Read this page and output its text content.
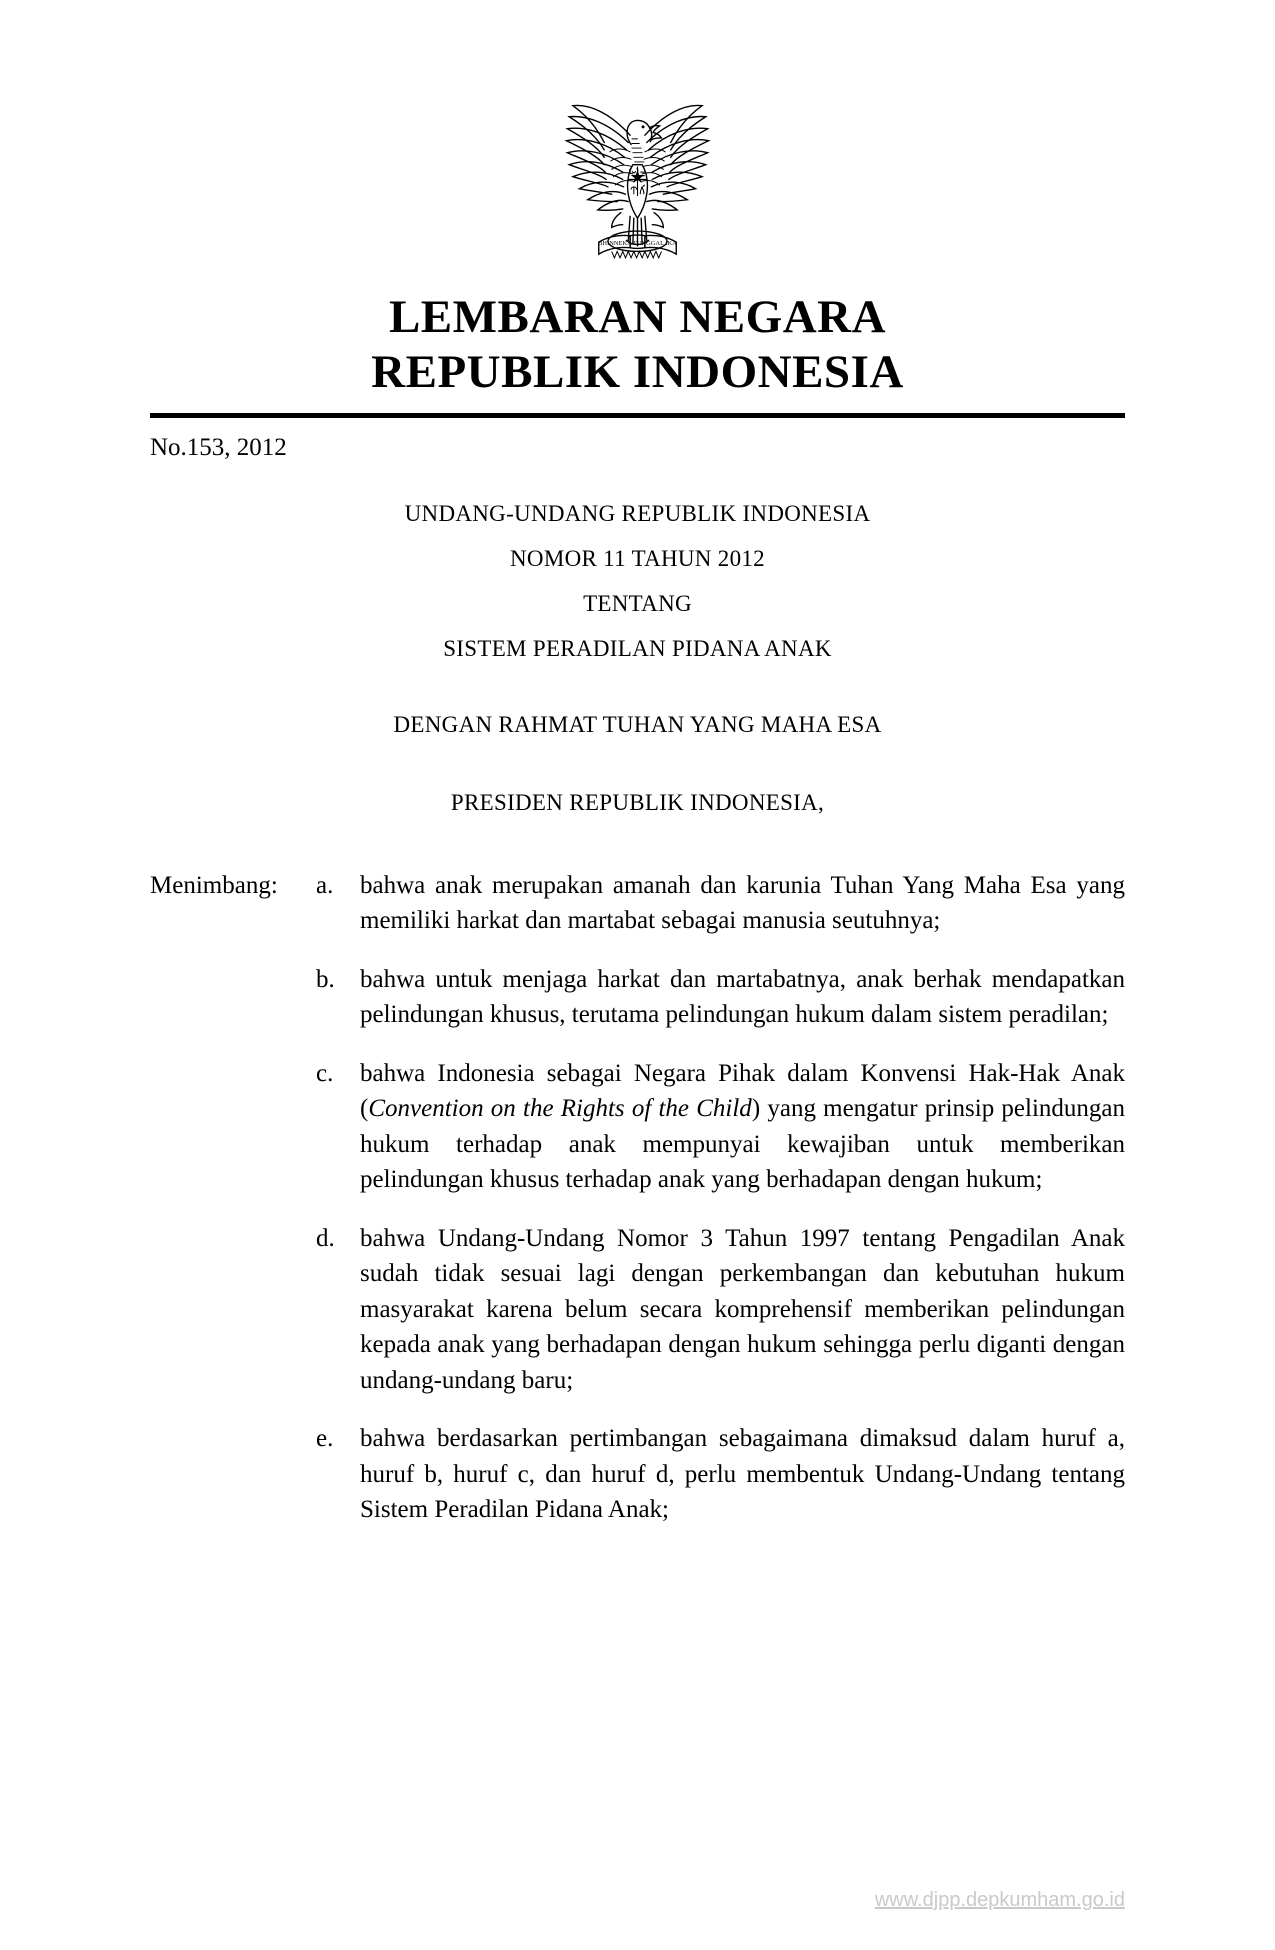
BHINNEKA TUNGGAL IKA
LEMBARAN NEGARA
REPUBLIK INDONESIA
No.153, 2012
UNDANG-UNDANG REPUBLIK INDONESIA
NOMOR 11 TAHUN 2012
TENTANG
SISTEM PERADILAN PIDANA ANAK
DENGAN RAHMAT TUHAN YANG MAHA ESA
PRESIDEN REPUBLIK INDONESIA,
Menimbang:	a.	bahwa anak merupakan amanah dan karunia Tuhan Yang Maha Esa yang memiliki harkat dan martabat sebagai manusia seutuhnya;
b.	bahwa untuk menjaga harkat dan martabatnya, anak berhak mendapatkan pelindungan khusus, terutama pelindungan hukum dalam sistem peradilan;
c.	bahwa Indonesia sebagai Negara Pihak dalam Konvensi Hak-Hak Anak (Convention on the Rights of the Child) yang mengatur prinsip pelindungan hukum terhadap anak mempunyai kewajiban untuk memberikan pelindungan khusus terhadap anak yang berhadapan dengan hukum;
d.	bahwa Undang-Undang Nomor 3 Tahun 1997 tentang Pengadilan Anak sudah tidak sesuai lagi dengan perkembangan dan kebutuhan hukum masyarakat karena belum secara komprehensif memberikan pelindungan kepada anak yang berhadapan dengan hukum sehingga perlu diganti dengan undang-undang baru;
e.	bahwa berdasarkan pertimbangan sebagaimana dimaksud dalam huruf a, huruf b, huruf c, dan huruf d, perlu membentuk Undang-Undang tentang Sistem Peradilan Pidana Anak;
www.djpp.depkumham.go.id
